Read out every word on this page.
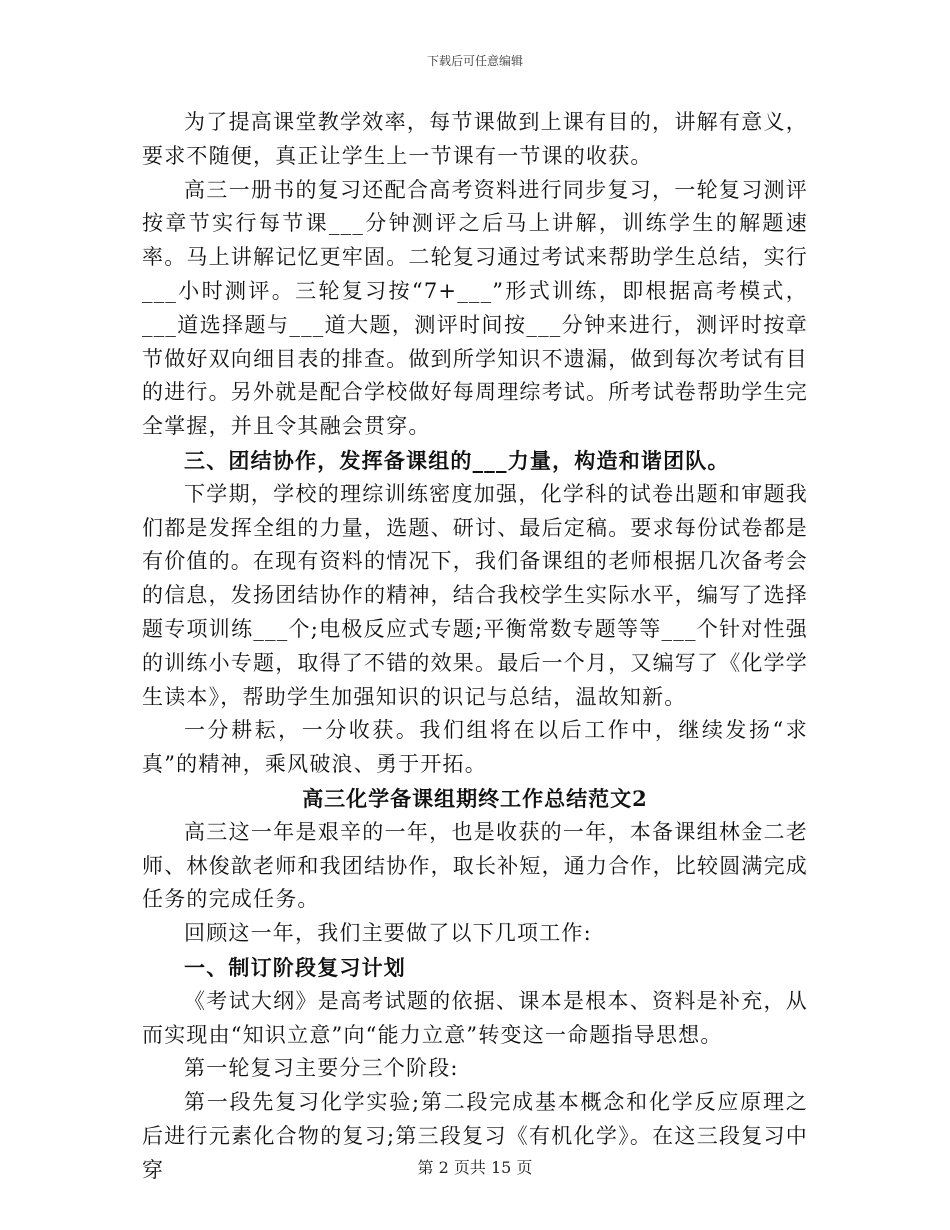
下载后可任意编辑

为了提高课堂教学效率，每节课做到上课有目的，讲解有意义，要求不随便，真正让学生上一节课有一节课的收获。

高三一册书的复习还配合高考资料进行同步复习，一轮复习测评按章节实行每节课___分钟测评之后马上讲解，训练学生的解题速率。马上讲解记忆更牢固。二轮复习通过考试来帮助学生总结，实行___小时测评。三轮复习按“7+___”形式训练，即根据高考模式，___道选择题与___道大题，测评时间按___分钟来进行，测评时按章节做好双向细目表的排查。做到所学知识不遗漏，做到每次考试有目的进行。另外就是配合学校做好每周理综考试。所考试卷帮助学生完全掌握，并且令其融会贯穿。

三、团结协作，发挥备课组的___力量，构造和谐团队。

下学期，学校的理综训练密度加强，化学科的试卷出题和审题我们都是发挥全组的力量，选题、研讨、最后定稿。要求每份试卷都是有价值的。在现有资料的情况下，我们备课组的老师根据几次备考会的信息，发扬团结协作的精神，结合我校学生实际水平，编写了选择题专项训练___个;电极反应式专题;平衡常数专题等等___个针对性强的训练小专题，取得了不错的效果。最后一个月，又编写了《化学学生读本》，帮助学生加强知识的识记与总结，温故知新。

一分耕耘，一分收获。我们组将在以后工作中，继续发扬“求真”的精神，乘风破浪、勇于开拓。

高三化学备课组期终工作总结范文2

高三这一年是艰辛的一年，也是收获的一年，本备课组林金二老师、林俊歆老师和我团结协作，取长补短，通力合作，比较圆满完成任务的完成任务。

回顾这一年，我们主要做了以下几项工作:

一、制订阶段复习计划

《考试大纲》是高考试题的依据、课本是根本、资料是补充，从而实现由“知识立意”向“能力立意”转变这一命题指导思想。

第一轮复习主要分三个阶段:

第一段先复习化学实验;第二段完成基本概念和化学反应原理之后进行元素化合物的复习;第三段复习《有机化学》。在这三段复习中穿	第 2 页共 15 页
